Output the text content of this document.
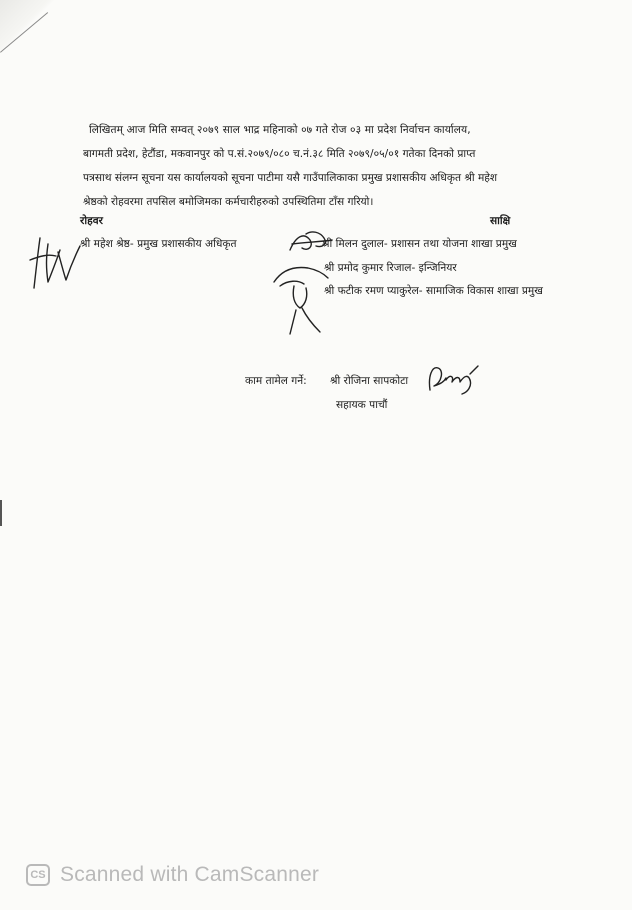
लिखितम् आज मिति सम्वत् २०७९ साल भाद्र महिनाको ०७ गते रोज ०३ मा प्रदेश निर्वाचन कार्यालय,
बागमती प्रदेश, हेटौंडा, मकवानपुर को प.सं.२०७९/०८० च.नं.३८ मिति २०७९/०५/०१ गतेका दिनको प्राप्त
पत्रसाथ संलग्न सूचना यस कार्यालयको सूचना पाटीमा यसै गाउँपालिकाका प्रमुख प्रशासकीय अधिकृत श्री महेश
श्रेष्ठको रोहवरमा तपसिल बमोजिमका कर्मचारीहरुको उपस्थितिमा टाँस गरियो।
रोहवर	साक्षि
श्री महेश श्रेष्ठ- प्रमुख प्रशासकीय अधिकृत	श्री मिलन दुलाल- प्रशासन तथा योजना शाखा प्रमुख
श्री प्रमोद कुमार रिजाल- इन्जिनियर
श्री फटीक रमण प्याकुरेल- सामाजिक विकास शाखा प्रमुख
काम तामेल गर्ने: श्री रोजिना सापकोटा
सहायक पाचौं
CS Scanned with CamScanner
